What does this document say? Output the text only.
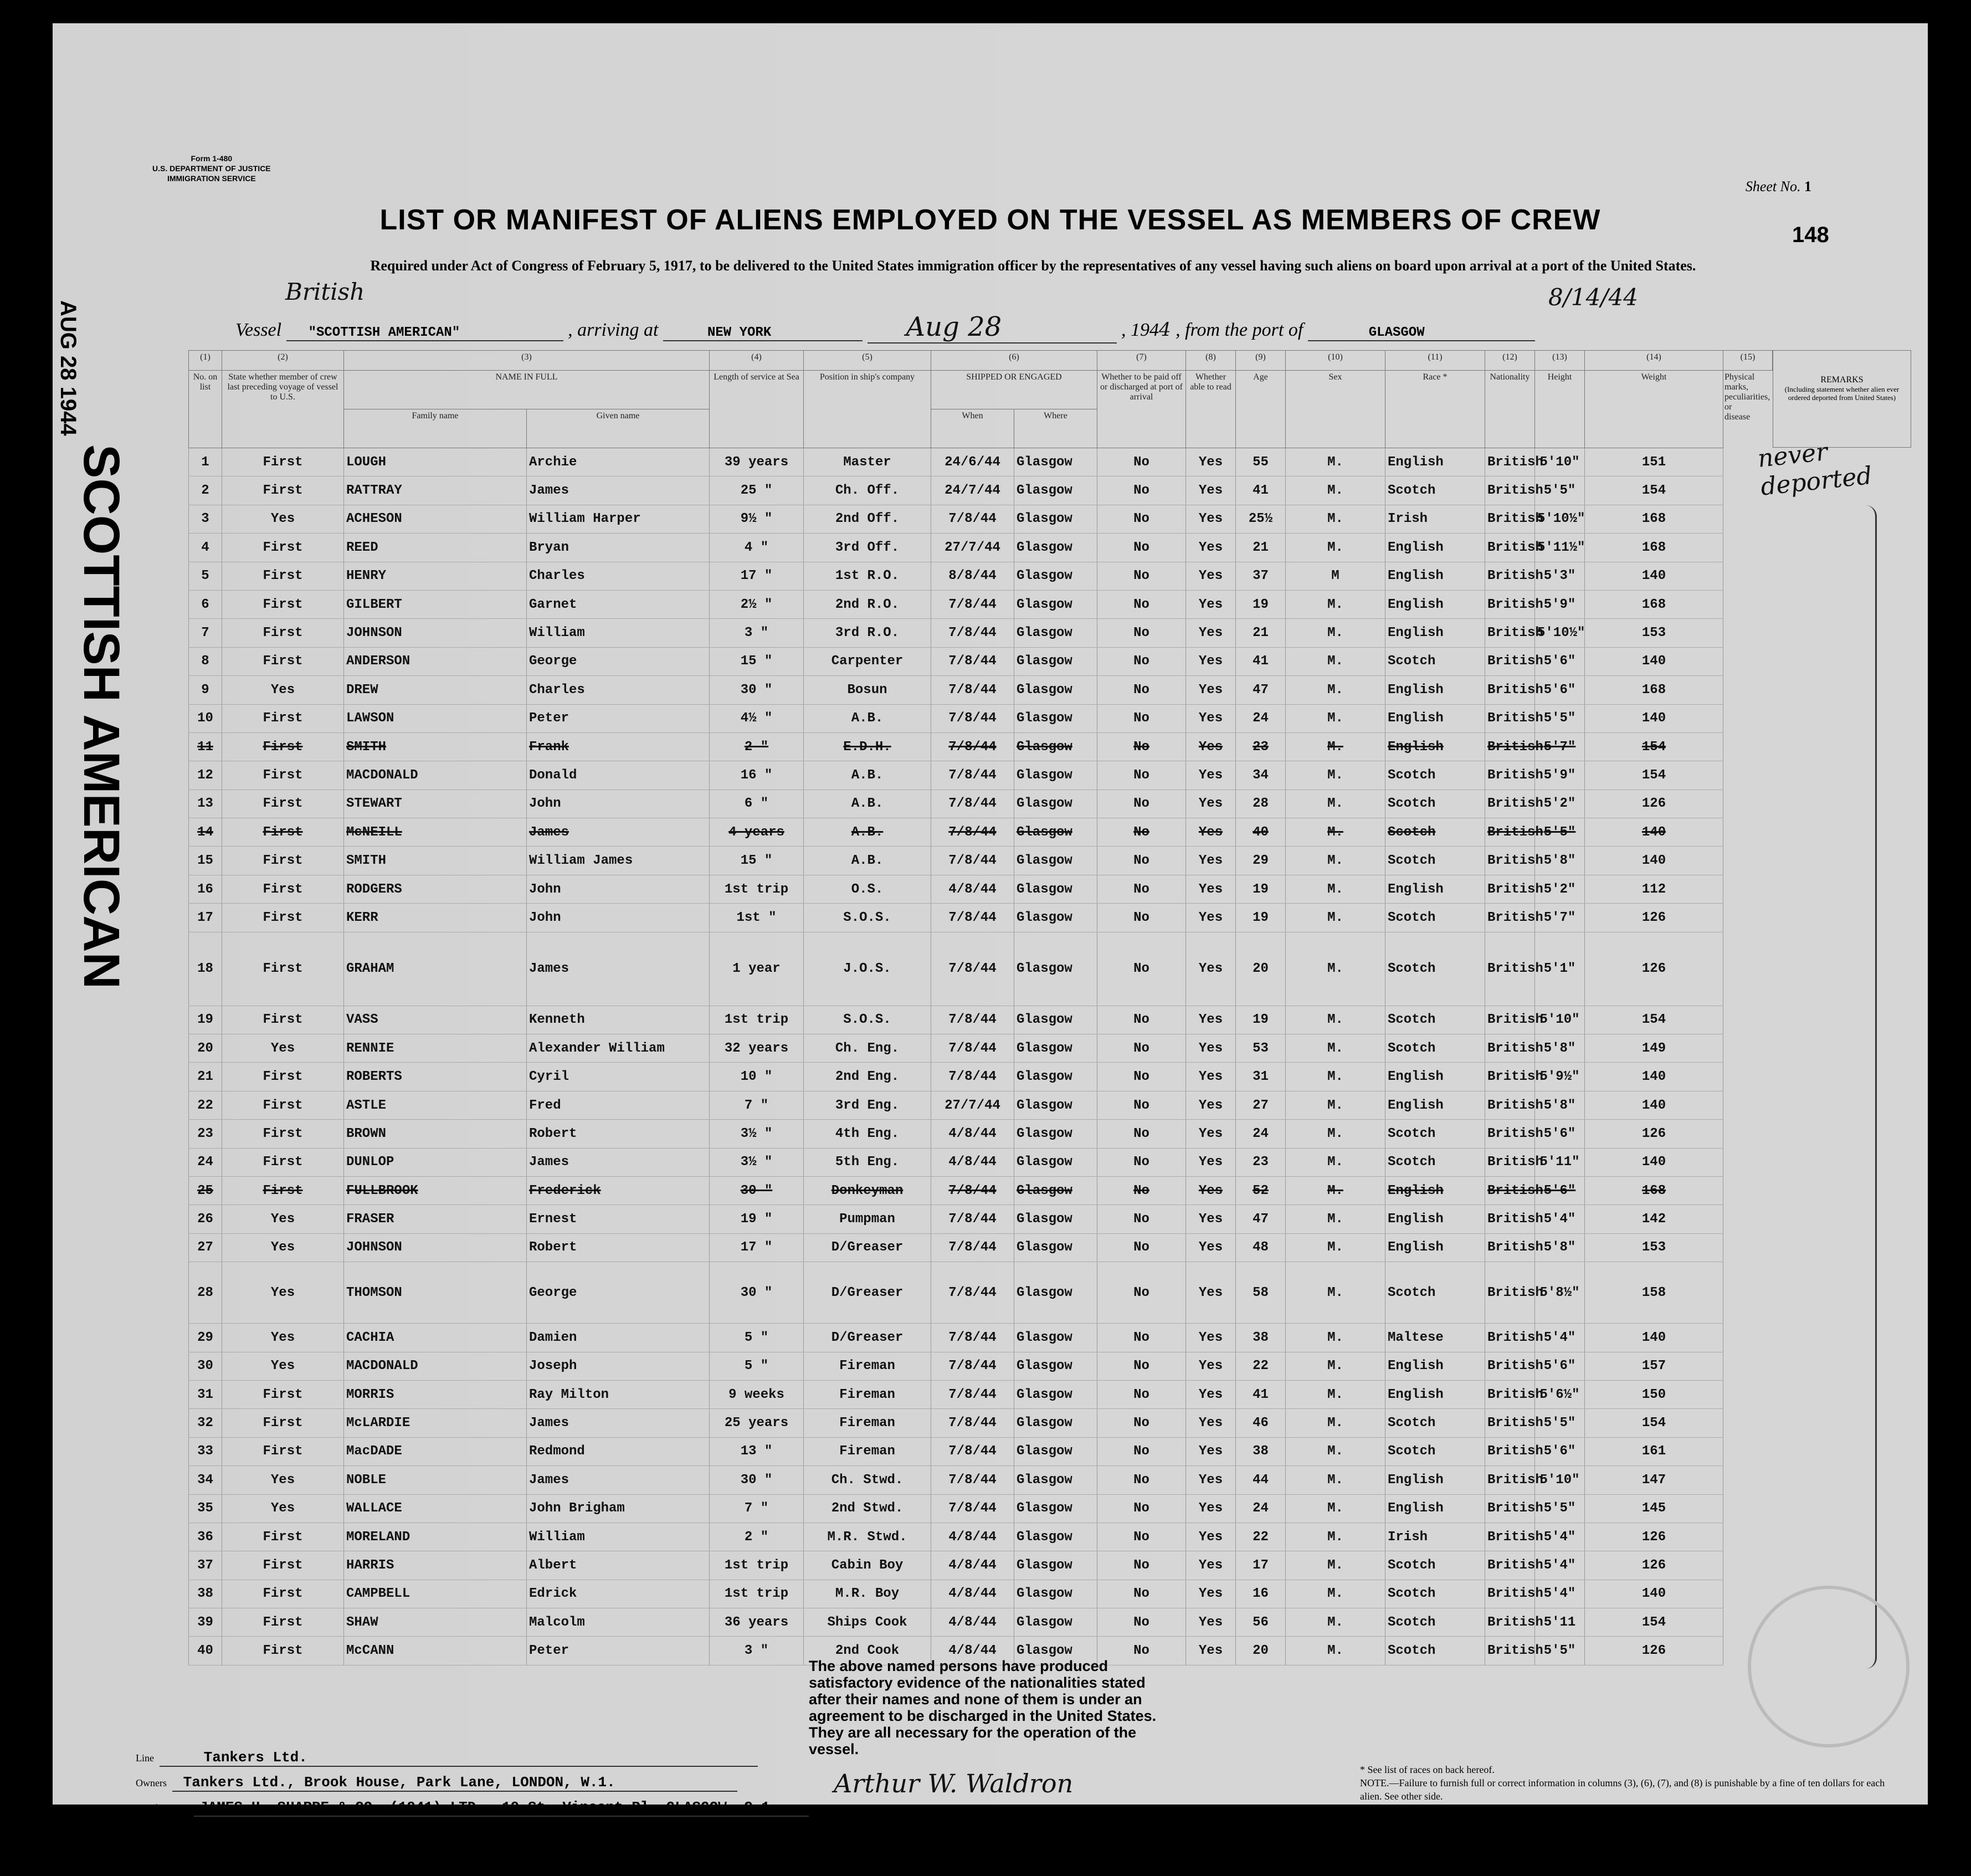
Form 1-480
U.S. DEPARTMENT OF JUSTICE
IMMIGRATION SERVICE	Sheet No. 1
LIST OR MANIFEST OF ALIENS EMPLOYED ON THE VESSEL AS MEMBERS OF CREW
Required under Act of Congress of February 5, 1917, to be delivered to the United States immigration officer by the representatives of any vessel having such aliens on board upon arrival at a port of the United States.
148
British
Vessel "SCOTTISH AMERICAN"	, arriving at	NEW YORK	Aug 28	, 1944 , from the port of	GLASGOW
8/14/44
AUG 28 1944
SCOTTISH AMERICAN
(1)	(2)	(3)		(4)	(5)	(6)		(7)	(8)	(9)	(10)	(11)	(12)	(13)	(14)	(15)
No. on list	State whether member of crew last preceding voyage of vessel to U.S.	NAME IN FULL		Length of service at Sea	Position in ship's company	SHIPPED OR ENGAGED		Whether to be paid off or discharged at port of arrival	Whether able to read	Age	Sex	Race *	Nationality	Height	Weight	Physical marks, peculiarities, or disease	
		Family name	Given name			When	Where									
1	First	LOUGH	Archie	39 years	Master	24/6/44	Glasgow	No	Yes	55	M.	English	British	5'10"	151	
2	First	RATTRAY	James	25 "	Ch. Off.	24/7/44	Glasgow	No	Yes	41	M.	Scotch	British	5'5"	154	
3	Yes	ACHESON	William Harper	9½ "	2nd Off.	7/8/44	Glasgow	No	Yes	25½	M.	Irish	British	5'10½"	168	
4	First	REED	Bryan	4 "	3rd Off.	27/7/44	Glasgow	No	Yes	21	M.	English	British	5'11½"	168	
5	First	HENRY	Charles	17 "	1st R.O.	8/8/44	Glasgow	No	Yes	37	M	English	British	5'3"	140	
6	First	GILBERT	Garnet	2½ "	2nd R.O.	7/8/44	Glasgow	No	Yes	19	M.	English	British	5'9"	168	
7	First	JOHNSON	William	3 "	3rd R.O.	7/8/44	Glasgow	No	Yes	21	M.	English	British	5'10½"	153	
8	First	ANDERSON	George	15 "	Carpenter	7/8/44	Glasgow	No	Yes	41	M.	Scotch	British	5'6"	140	
9	Yes	DREW	Charles	30 "	Bosun	7/8/44	Glasgow	No	Yes	47	M.	English	British	5'6"	168	
10	First	LAWSON	Peter	4½ "	A.B.	7/8/44	Glasgow	No	Yes	24	M.	English	British	5'5"	140	
11	First	SMITH	Frank	2 "	E.D.H.	7/8/44	Glasgow	No	Yes	23	M.	English	British	5'7"	154	
12	First	MACDONALD	Donald	16 "	A.B.	7/8/44	Glasgow	No	Yes	34	M.	Scotch	British	5'9"	154	
13	First	STEWART	John	6 "	A.B.	7/8/44	Glasgow	No	Yes	28	M.	Scotch	British	5'2"	126	
14	First	McNEILL	James	4 years	A.B.	7/8/44	Glasgow	No	Yes	40	M.	Scotch	British	5'5"	140	
15	First	SMITH	William James	15 "	A.B.	7/8/44	Glasgow	No	Yes	29	M.	Scotch	British	5'8"	140	
16	First	RODGERS	John	1st trip	O.S.	4/8/44	Glasgow	No	Yes	19	M.	English	British	5'2"	112	
17	First	KERR	John	1st "	S.O.S.	7/8/44	Glasgow	No	Yes	19	M.	Scotch	British	5'7"	126	
18	First	GRAHAM	James	1 year	J.O.S.	7/8/44	Glasgow	No	Yes	20	M.	Scotch	British	5'1"	126	
19	First	VASS	Kenneth	1st trip	S.O.S.	7/8/44	Glasgow	No	Yes	19	M.	Scotch	British	5'10"	154	
20	Yes	RENNIE	Alexander William	32 years	Ch. Eng.	7/8/44	Glasgow	No	Yes	53	M.	Scotch	British	5'8"	149	
21	First	ROBERTS	Cyril	10 "	2nd Eng.	7/8/44	Glasgow	No	Yes	31	M.	English	British	5'9½"	140	
22	First	ASTLE	Fred	7 "	3rd Eng.	27/7/44	Glasgow	No	Yes	27	M.	English	British	5'8"	140	
23	First	BROWN	Robert	3½ "	4th Eng.	4/8/44	Glasgow	No	Yes	24	M.	Scotch	British	5'6"	126	
24	First	DUNLOP	James	3½ "	5th Eng.	4/8/44	Glasgow	No	Yes	23	M.	Scotch	British	5'11"	140	
25	First	FULLBROOK	Frederick	30 "	Donkeyman	7/8/44	Glasgow	No	Yes	52	M.	English	British	5'6"	168	
26	Yes	FRASER	Ernest	19 "	Pumpman	7/8/44	Glasgow	No	Yes	47	M.	English	British	5'4"	142	
27	Yes	JOHNSON	Robert	17 "	D/Greaser	7/8/44	Glasgow	No	Yes	48	M.	English	British	5'8"	153	
28	Yes	THOMSON	George	30 "	D/Greaser	7/8/44	Glasgow	No	Yes	58	M.	Scotch	British	5'8½"	158	
29	Yes	CACHIA	Damien	5 "	D/Greaser	7/8/44	Glasgow	No	Yes	38	M.	Maltese	British	5'4"	140	
30	Yes	MACDONALD	Joseph	5 "	Fireman	7/8/44	Glasgow	No	Yes	22	M.	English	British	5'6"	157	
31	First	MORRIS	Ray Milton	9 weeks	Fireman	7/8/44	Glasgow	No	Yes	41	M.	English	British	5'6½"	150	
32	First	McLARDIE	James	25 years	Fireman	7/8/44	Glasgow	No	Yes	46	M.	Scotch	British	5'5"	154	
33	First	MacDADE	Redmond	13 "	Fireman	7/8/44	Glasgow	No	Yes	38	M.	Scotch	British	5'6"	161	
34	Yes	NOBLE	James	30 "	Ch. Stwd.	7/8/44	Glasgow	No	Yes	44	M.	English	British	5'10"	147	
35	Yes	WALLACE	John Brigham	7 "	2nd Stwd.	7/8/44	Glasgow	No	Yes	24	M.	English	British	5'5"	145	
36	First	MORELAND	William	2 "	M.R. Stwd.	4/8/44	Glasgow	No	Yes	22	M.	Irish	British	5'4"	126	
37	First	HARRIS	Albert	1st trip	Cabin Boy	4/8/44	Glasgow	No	Yes	17	M.	Scotch	British	5'4"	126	
38	First	CAMPBELL	Edrick	1st trip	M.R. Boy	4/8/44	Glasgow	No	Yes	16	M.	Scotch	British	5'4"	140	
39	First	SHAW	Malcolm	36 years	Ships Cook	4/8/44	Glasgow	No	Yes	56	M.	Scotch	British	5'11	154	
40	First	McCANN	Peter	3 "	2nd Cook	4/8/44	Glasgow	No	Yes	20	M.	Scotch	British	5'5"	126	
REMARKS
(Including statement whether alien ever ordered deported from United States)
never deported
Line	Tankers Ltd.
Owners Tankers Ltd., Brook House, Park Lane, LONDON, W.1.
Local Agents JAMES H. SHARPE & CO. (1941) LTD., 19 St. Vincent Pl. GLASGOW, C.1.
14-1240
The above named persons have produced satisfactory evidence of the nationalities stated after their names and none of them is under an agreement to be discharged in the United States. They are all necessary for the operation of the vessel.
Arthur W. Waldron
Immigrant Inspector.
* See list of races on back hereof.
NOTE.—Failure to furnish full or correct information in columns (3), (6), (7), and (8) is punishable by a fine of ten dollars for each alien. See other side.
